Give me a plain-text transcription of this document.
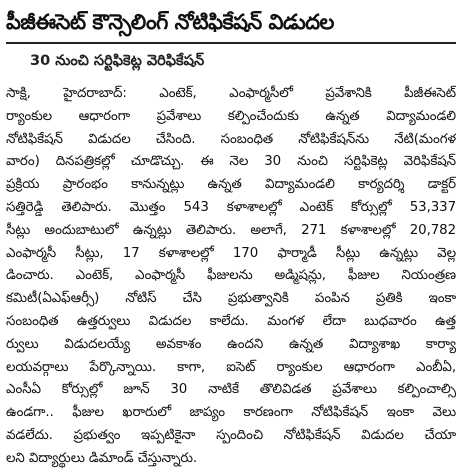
పీజీఈసెట్ కౌన్సెలింగ్ నోటిఫికేషన్ విడుదల
30 నుంచి సర్టిఫికెట్ల వెరిఫికేషన్
సాక్షి, హైదరాబాద్: ఎంటెక్, ఎంఫార్మసీలో ప్రవేశానికి పీజీఈసెట్
ర్యాంకుల ఆధారంగా ప్రవేశాలు కల్పించేందుకు ఉన్నత విద్యామండలి
నోటిఫికేషన్ విడుదల చేసింది. సంబంధిత నోటిఫికేషన్‌ను నేటి(మంగళ
వారం) దినపత్రికల్లో చూడొచ్చు. ఈ నెల 30 నుంచి సర్టిఫికెట్ల వెరిఫికేషన్
ప్రక్రియ ప్రారంభం కానున్నట్లు ఉన్నత విద్యామండలి కార్యదర్శి డాక్టర్
సత్తిరెడ్డి తెలిపారు. మొత్తం 543 కళాశాలల్లో ఎంటెక్ కోర్సుల్లో 53,337
సీట్లు అందుబాటులో ఉన్నట్లు తెలిపారు. అలాగే, 271 కళాశాలల్లో 20,782
ఎంఫార్మసీ సీట్లు, 17 కళాశాలల్లో 170 ఫార్మాడీ సీట్లు ఉన్నట్లు వెల్ల
డించారు. ఎంటెక్, ఎంఫార్మసీ ఫీజులను అడ్మిషన్లు, ఫీజుల నియంత్రణ
కమిటీ(ఏఎఫ్ఆర్సీ) నోటిస్ చేసి ప్రభుత్వానికి పంపిన ప్రతికి ఇంకా
సంబంధిత ఉత్తర్వులు విడుదల కాలేదు. మంగళ లేదా బుధవారం ఉత్త
ర్వులు విడుదలయ్యే అవకాశం ఉందని ఉన్నత విద్యాశాఖ కార్యా
లయవర్గాలు పేర్కొన్నాయి. కాగా, ఐసెట్ ర్యాంకుల ఆధారంగా ఎంబీఏ,
ఎంసీఏ కోర్సుల్లో జూన్ 30 నాటికే తొలివిడత ప్రవేశాలు కల్పించాల్సి
ఉండగా.. ఫీజుల ఖరారులో జాప్యం కారణంగా నోటిఫికేషన్ ఇంకా వెలు
వడలేదు. ప్రభుత్వం ఇప్పటికైనా స్పందించి నోటిఫికేషన్ విడుదల చేయా
లని విద్యార్థులు డిమాండ్ చేస్తున్నారు.
